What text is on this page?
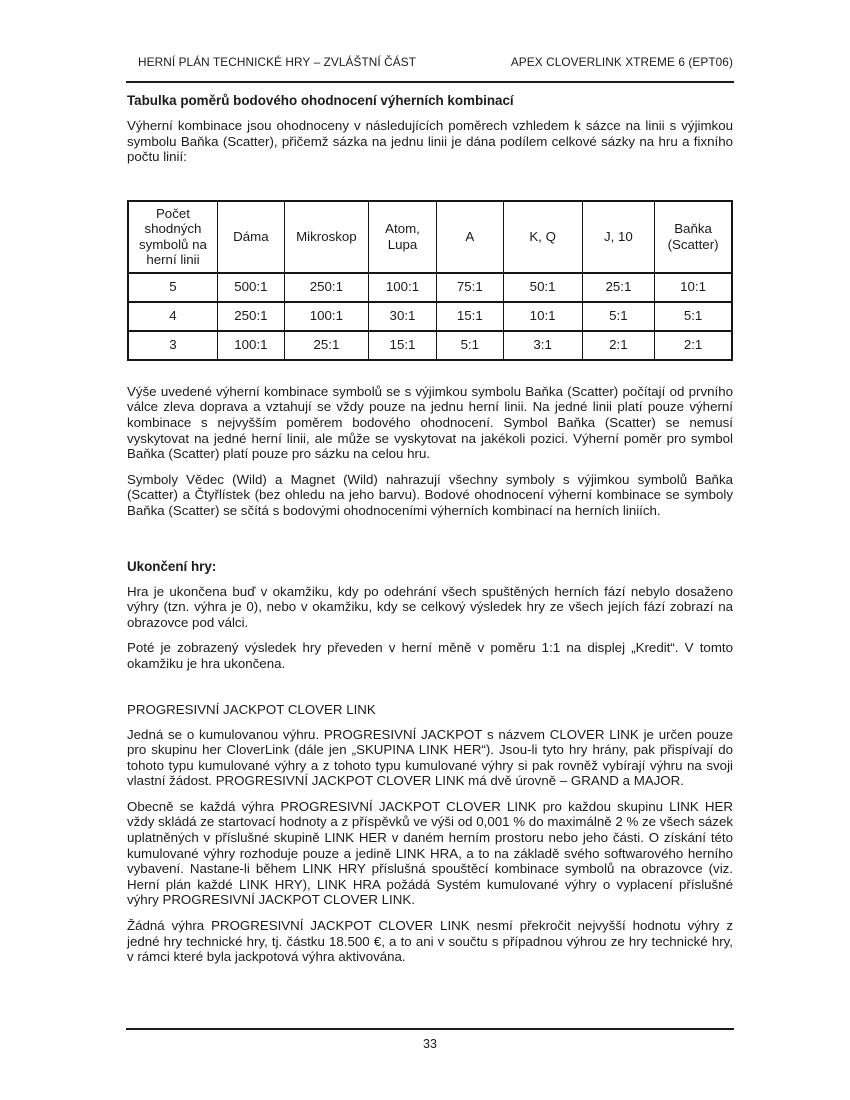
HERNÍ PLÁN TECHNICKÉ HRY – ZVLÁŠTNÍ ČÁST	APEX CLOVERLINK XTREME 6 (EPT06)
Tabulka poměrů bodového ohodnocení výherních kombinací

Výherní kombinace jsou ohodnoceny v následujících poměrech vzhledem k sázce na linii s výjimkou symbolu Baňka (Scatter), přičemž sázka na jednu linii je dána podílem celkové sázky na hru a fixního počtu linií:

Počet shodných symbolů na herní linii	Dáma	Mikroskop	Atom, Lupa	A	K, Q	J, 10	Baňka (Scatter)
5	500:1	250:1	100:1	75:1	50:1	25:1	10:1
4	250:1	100:1	30:1	15:1	10:1	5:1	5:1
3	100:1	25:1	15:1	5:1	3:1	2:1	2:1

Výše uvedené výherní kombinace symbolů se s výjimkou symbolu Baňka (Scatter) počítají od prvního válce zleva doprava a vztahují se vždy pouze na jednu herní linii. Na jedné linii platí pouze výherní kombinace s nejvyšším poměrem bodového ohodnocení. Symbol Baňka (Scatter) se nemusí vyskytovat na jedné herní linii, ale může se vyskytovat na jakékoli pozici. Výherní poměr pro symbol Baňka (Scatter) platí pouze pro sázku na celou hru.

Symboly Vědec (Wild) a Magnet (Wild) nahrazují všechny symboly s výjimkou symbolů Baňka (Scatter) a Čtyřlístek (bez ohledu na jeho barvu). Bodové ohodnocení výherní kombinace se symboly Baňka (Scatter) se sčítá s bodovými ohodnoceními výherních kombinací na herních liniích.

Ukončení hry:

Hra je ukončena buď v okamžiku, kdy po odehrání všech spuštěných herních fází nebylo dosaženo výhry (tzn. výhra je 0), nebo v okamžiku, kdy se celkový výsledek hry ze všech jejích fází zobrazí na obrazovce pod válci.

Poté je zobrazený výsledek hry převeden v herní měně v poměru 1:1 na displej „Kredit“. V tomto okamžiku je hra ukončena.

PROGRESIVNÍ JACKPOT CLOVER LINK

Jedná se o kumulovanou výhru. PROGRESIVNÍ JACKPOT s názvem CLOVER LINK je určen pouze pro skupinu her CloverLink (dále jen „SKUPINA LINK HER“). Jsou-li tyto hry hrány, pak přispívají do tohoto typu kumulované výhry a z tohoto typu kumulované výhry si pak rovněž vybírají výhru na svoji vlastní žádost. PROGRESIVNÍ JACKPOT CLOVER LINK má dvě úrovně – GRAND a MAJOR.

Obecně se každá výhra PROGRESIVNÍ JACKPOT CLOVER LINK pro každou skupinu LINK HER vždy skládá ze startovací hodnoty a z příspěvků ve výši od 0,001 % do maximálně 2 % ze všech sázek uplatněných v příslušné skupině LINK HER v daném herním prostoru nebo jeho části. O získání této kumulované výhry rozhoduje pouze a jedině LINK HRA, a to na základě svého softwarového herního vybavení. Nastane-li během LINK HRY příslušná spouštěcí kombinace symbolů na obrazovce (viz. Herní plán každé LINK HRY), LINK HRA požádá Systém kumulované výhry o vyplacení příslušné výhry PROGRESIVNÍ JACKPOT CLOVER LINK.

Žádná výhra PROGRESIVNÍ JACKPOT CLOVER LINK nesmí překročit nejvyšší hodnotu výhry z jedné hry technické hry, tj. částku 18.500 €, a to ani v součtu s případnou výhrou ze hry technické hry, v rámci které byla jackpotová výhra aktivována.

33
